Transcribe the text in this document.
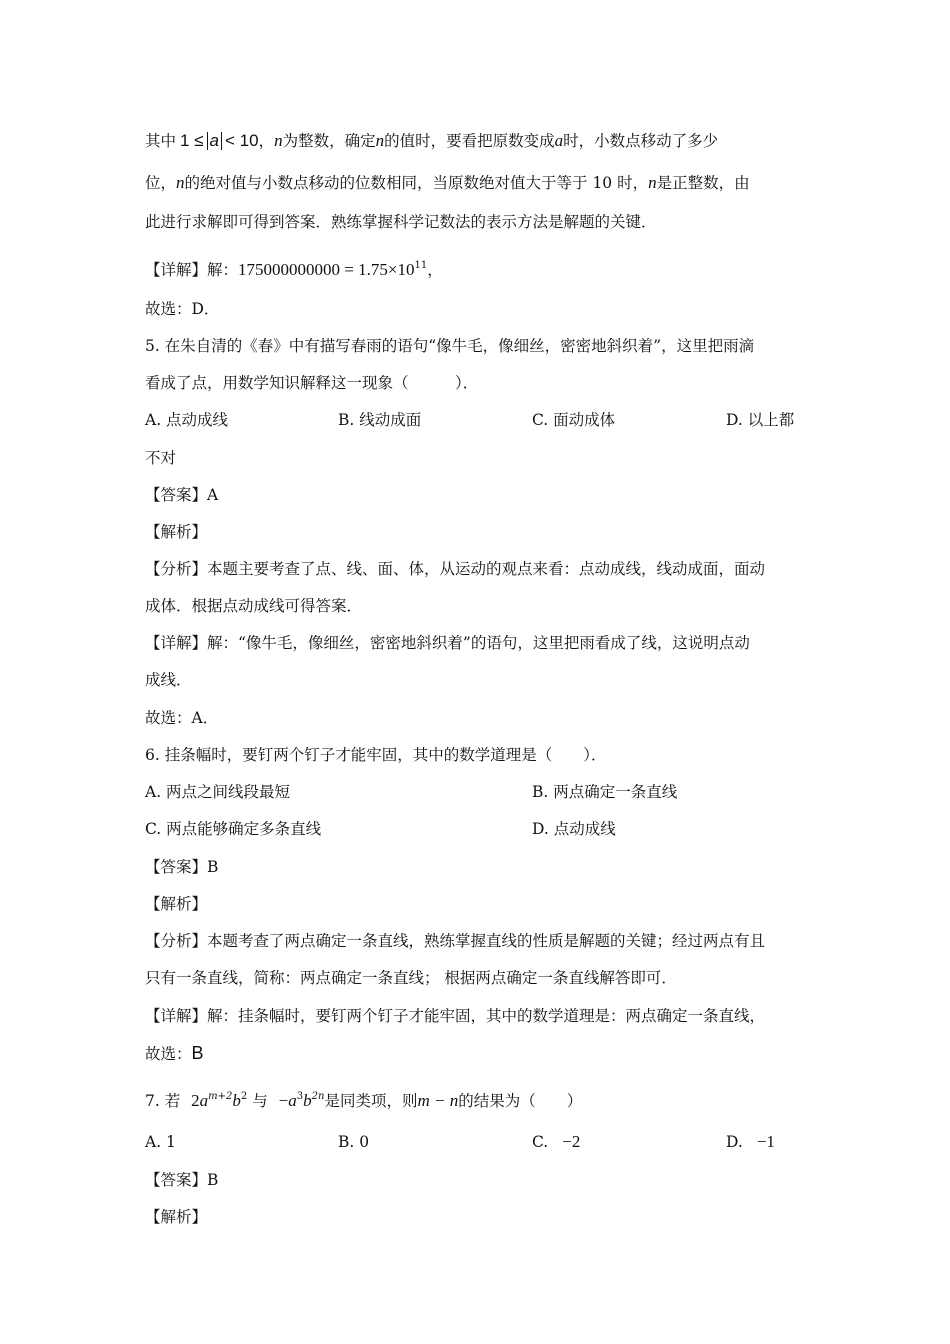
其中 1 ≤ a < 10，n为整数，确定n的值时，要看把原数变成a时，小数点移动了多少
位，n的绝对值与小数点移动的位数相同，当原数绝对值大于等于 10 时，n是正整数，由
此进行求解即可得到答案．熟练掌握科学记数法的表示方法是解题的关键．
【详解】解：$175000000000 = 1.75\times 10^{11}$，
故选：D．
5. 在朱自清的《春》中有描写春雨的语句“像牛毛，像细丝，密密地斜织着”，这里把雨滴
看成了点，用数学知识解释这一现象（　　　）．
A. 点动成线	B. 线动成面	C. 面动成体	D. 以上都
不对
【答案】A
【解析】
【分析】本题主要考查了点、线、面、体，从运动的观点来看：点动成线，线动成面，面动
成体．根据点动成线可得答案．
【详解】解：“像牛毛，像细丝，密密地斜织着”的语句，这里把雨看成了线，这说明点动
成线．
故选：A．
6. 挂条幅时，要钉两个钉子才能牢固，其中的数学道理是（　　）．
A. 两点之间线段最短	B. 两点确定一条直线
C. 两点能够确定多条直线	D. 点动成线
【答案】B
【解析】
【分析】本题考查了两点确定一条直线，熟练掌握直线的性质是解题的关键；经过两点有且
只有一条直线，简称：两点确定一条直线； 根据两点确定一条直线解答即可．
【详解】解：挂条幅时，要钉两个钉子才能牢固，其中的数学道理是：两点确定一条直线，
故选：B
7. 若 $2a^{m+2}b^2$ 与 $-a^3b^{2n}$是同类项，则m − n的结果为（　　）
A. 1	B. 0	C. −2	D. −1
【答案】B
【解析】
